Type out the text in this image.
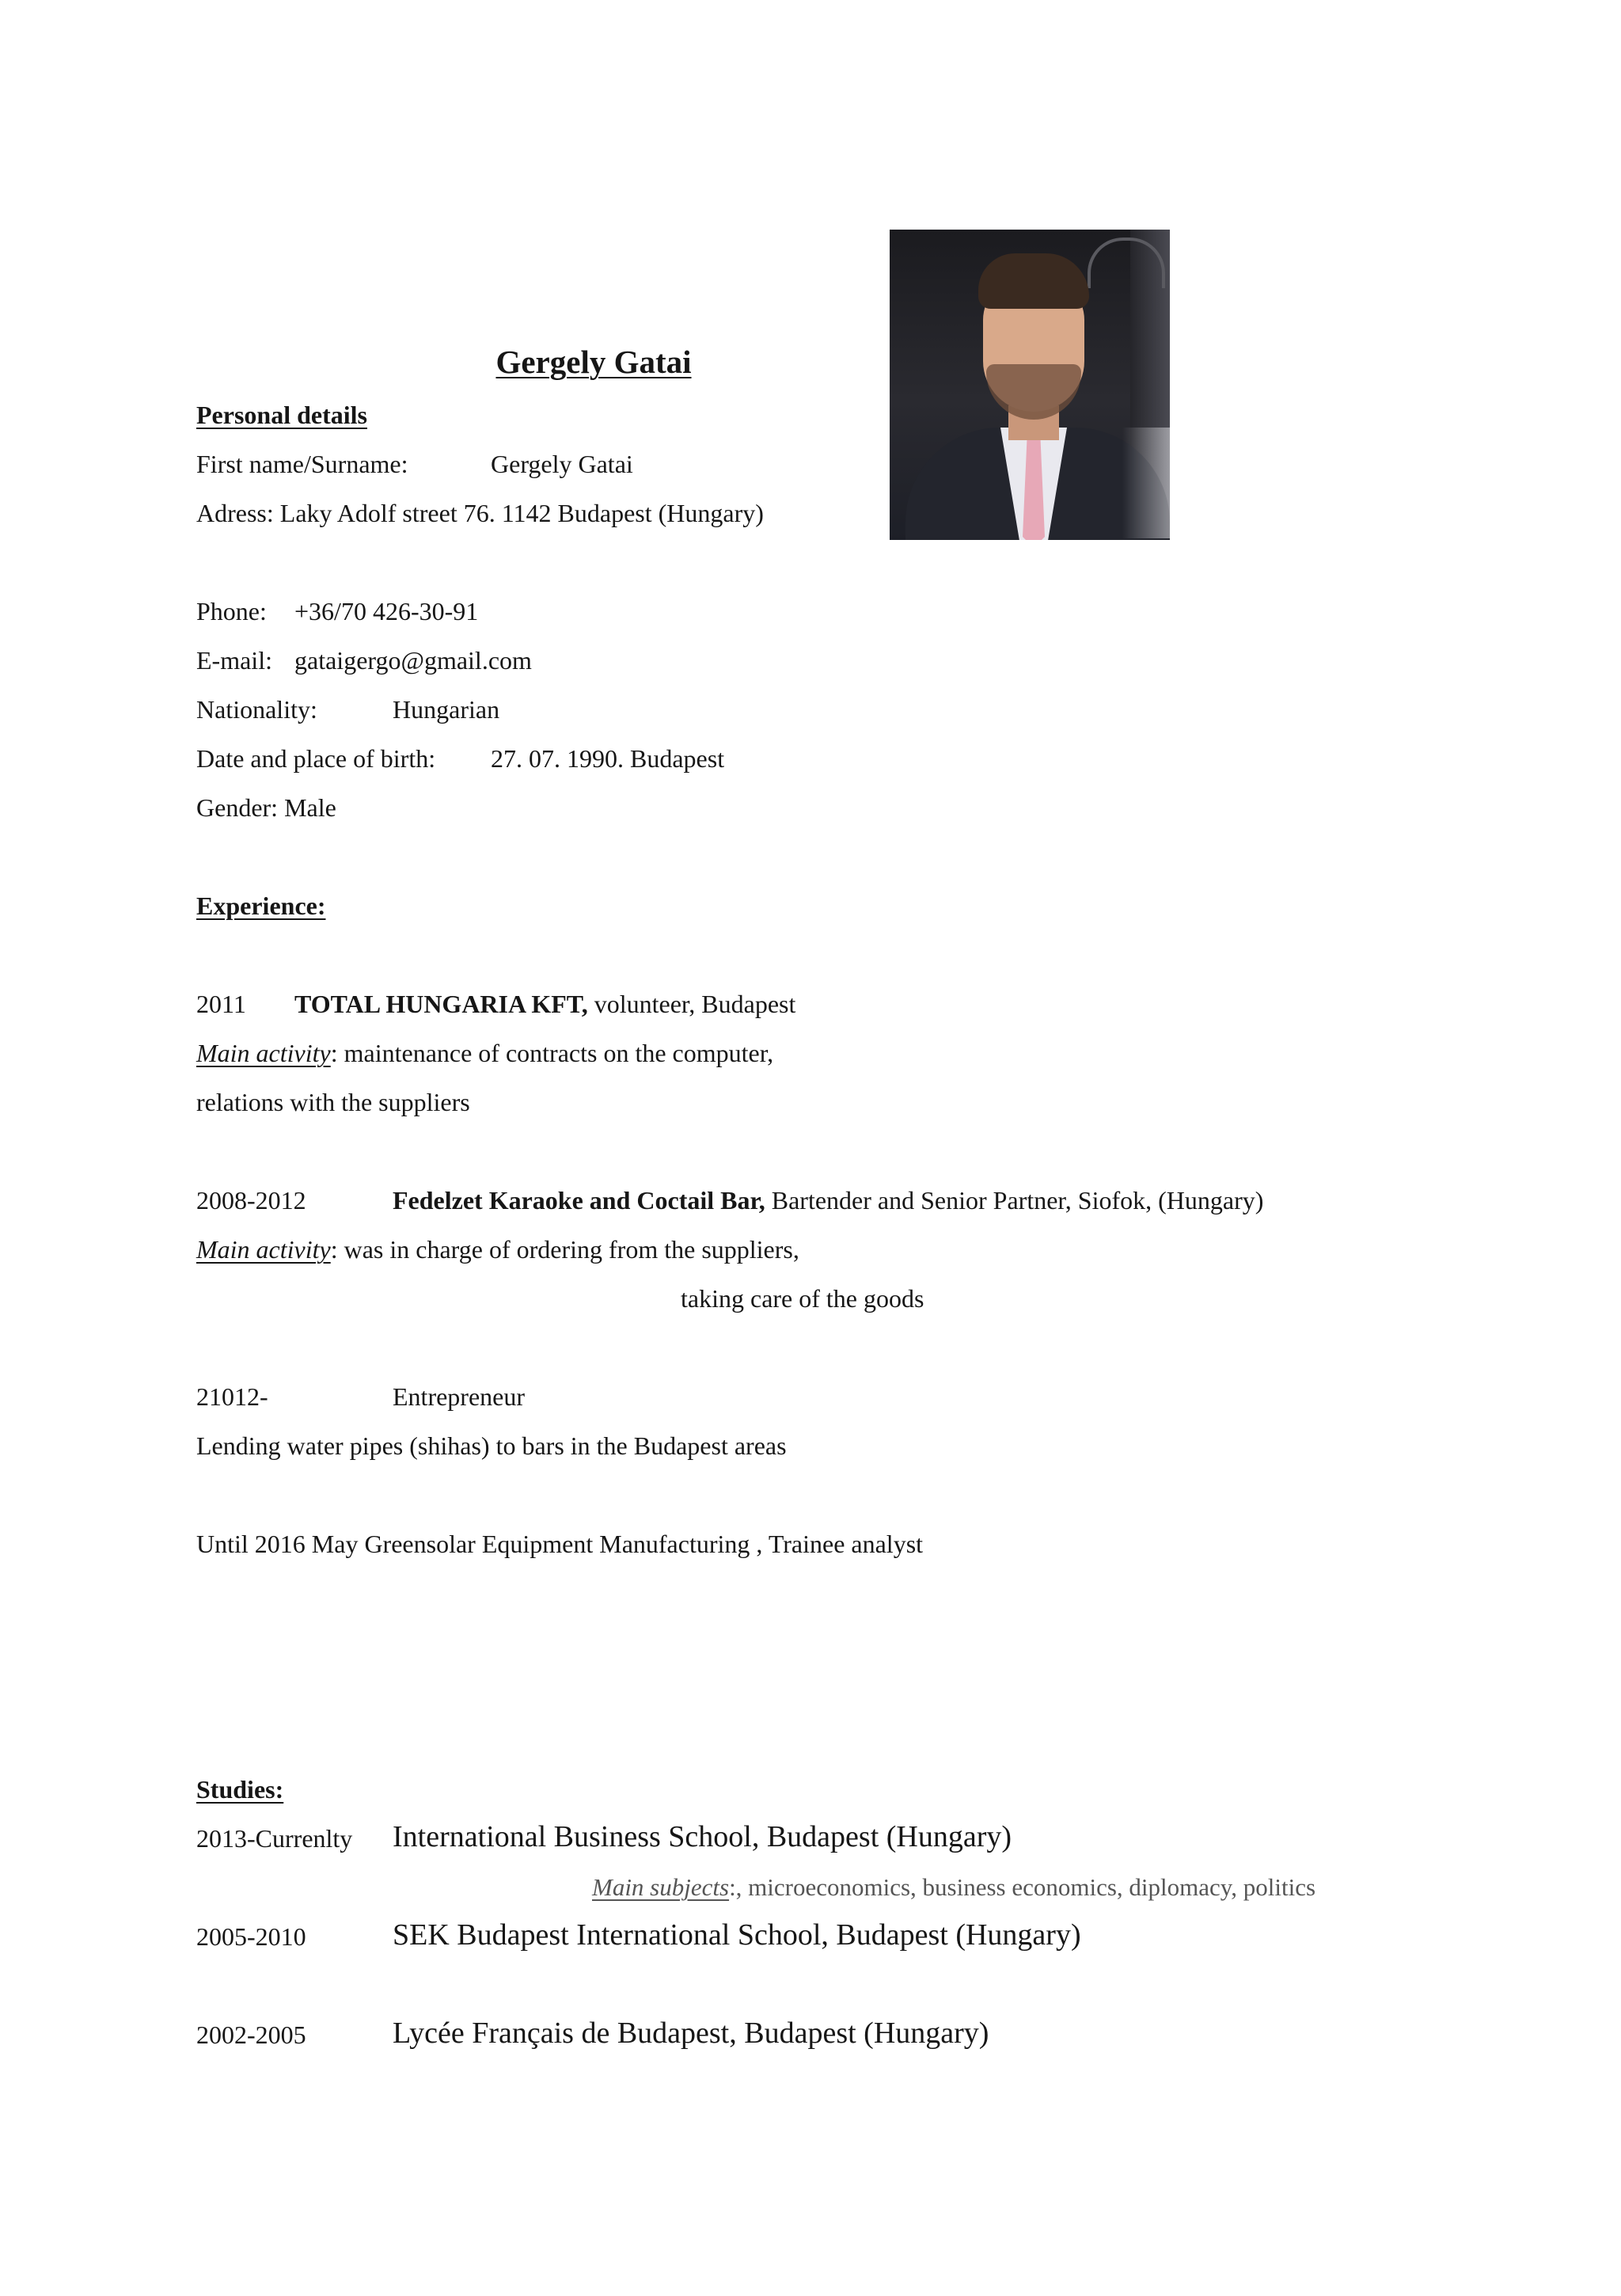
Gergely Gatai
Personal details
First name/Surname:	Gergely Gatai
Adress: Laky Adolf street 76. 1142 Budapest (Hungary)
Phone: +36/70 426-30-91
E-mail: gataigergo@gmail.com
Nationality:	Hungarian
Date and place of birth: 27. 07. 1990. Budapest
Gender: Male
Experience:
2011 TOTAL HUNGARIA KFT, volunteer, Budapest
Main activity: maintenance of contracts on the computer,
relations with the suppliers
2008-2012	Fedelzet Karaoke and Coctail Bar, Bartender and Senior Partner, Siofok, (Hungary)
Main activity: was in charge of ordering from the suppliers,
taking care of the goods
21012-	Entrepreneur
Lending water pipes (shihas) to bars in the Budapest areas
Until 2016 May Greensolar Equipment Manufacturing , Trainee analyst
Studies:
2013-Currenlty International Business School, Budapest (Hungary)
Main subjects:, microeconomics, business economics, diplomacy, politics
2005-2010	SEK Budapest International School, Budapest (Hungary)
2002-2005	Lycée Français de Budapest, Budapest (Hungary)
